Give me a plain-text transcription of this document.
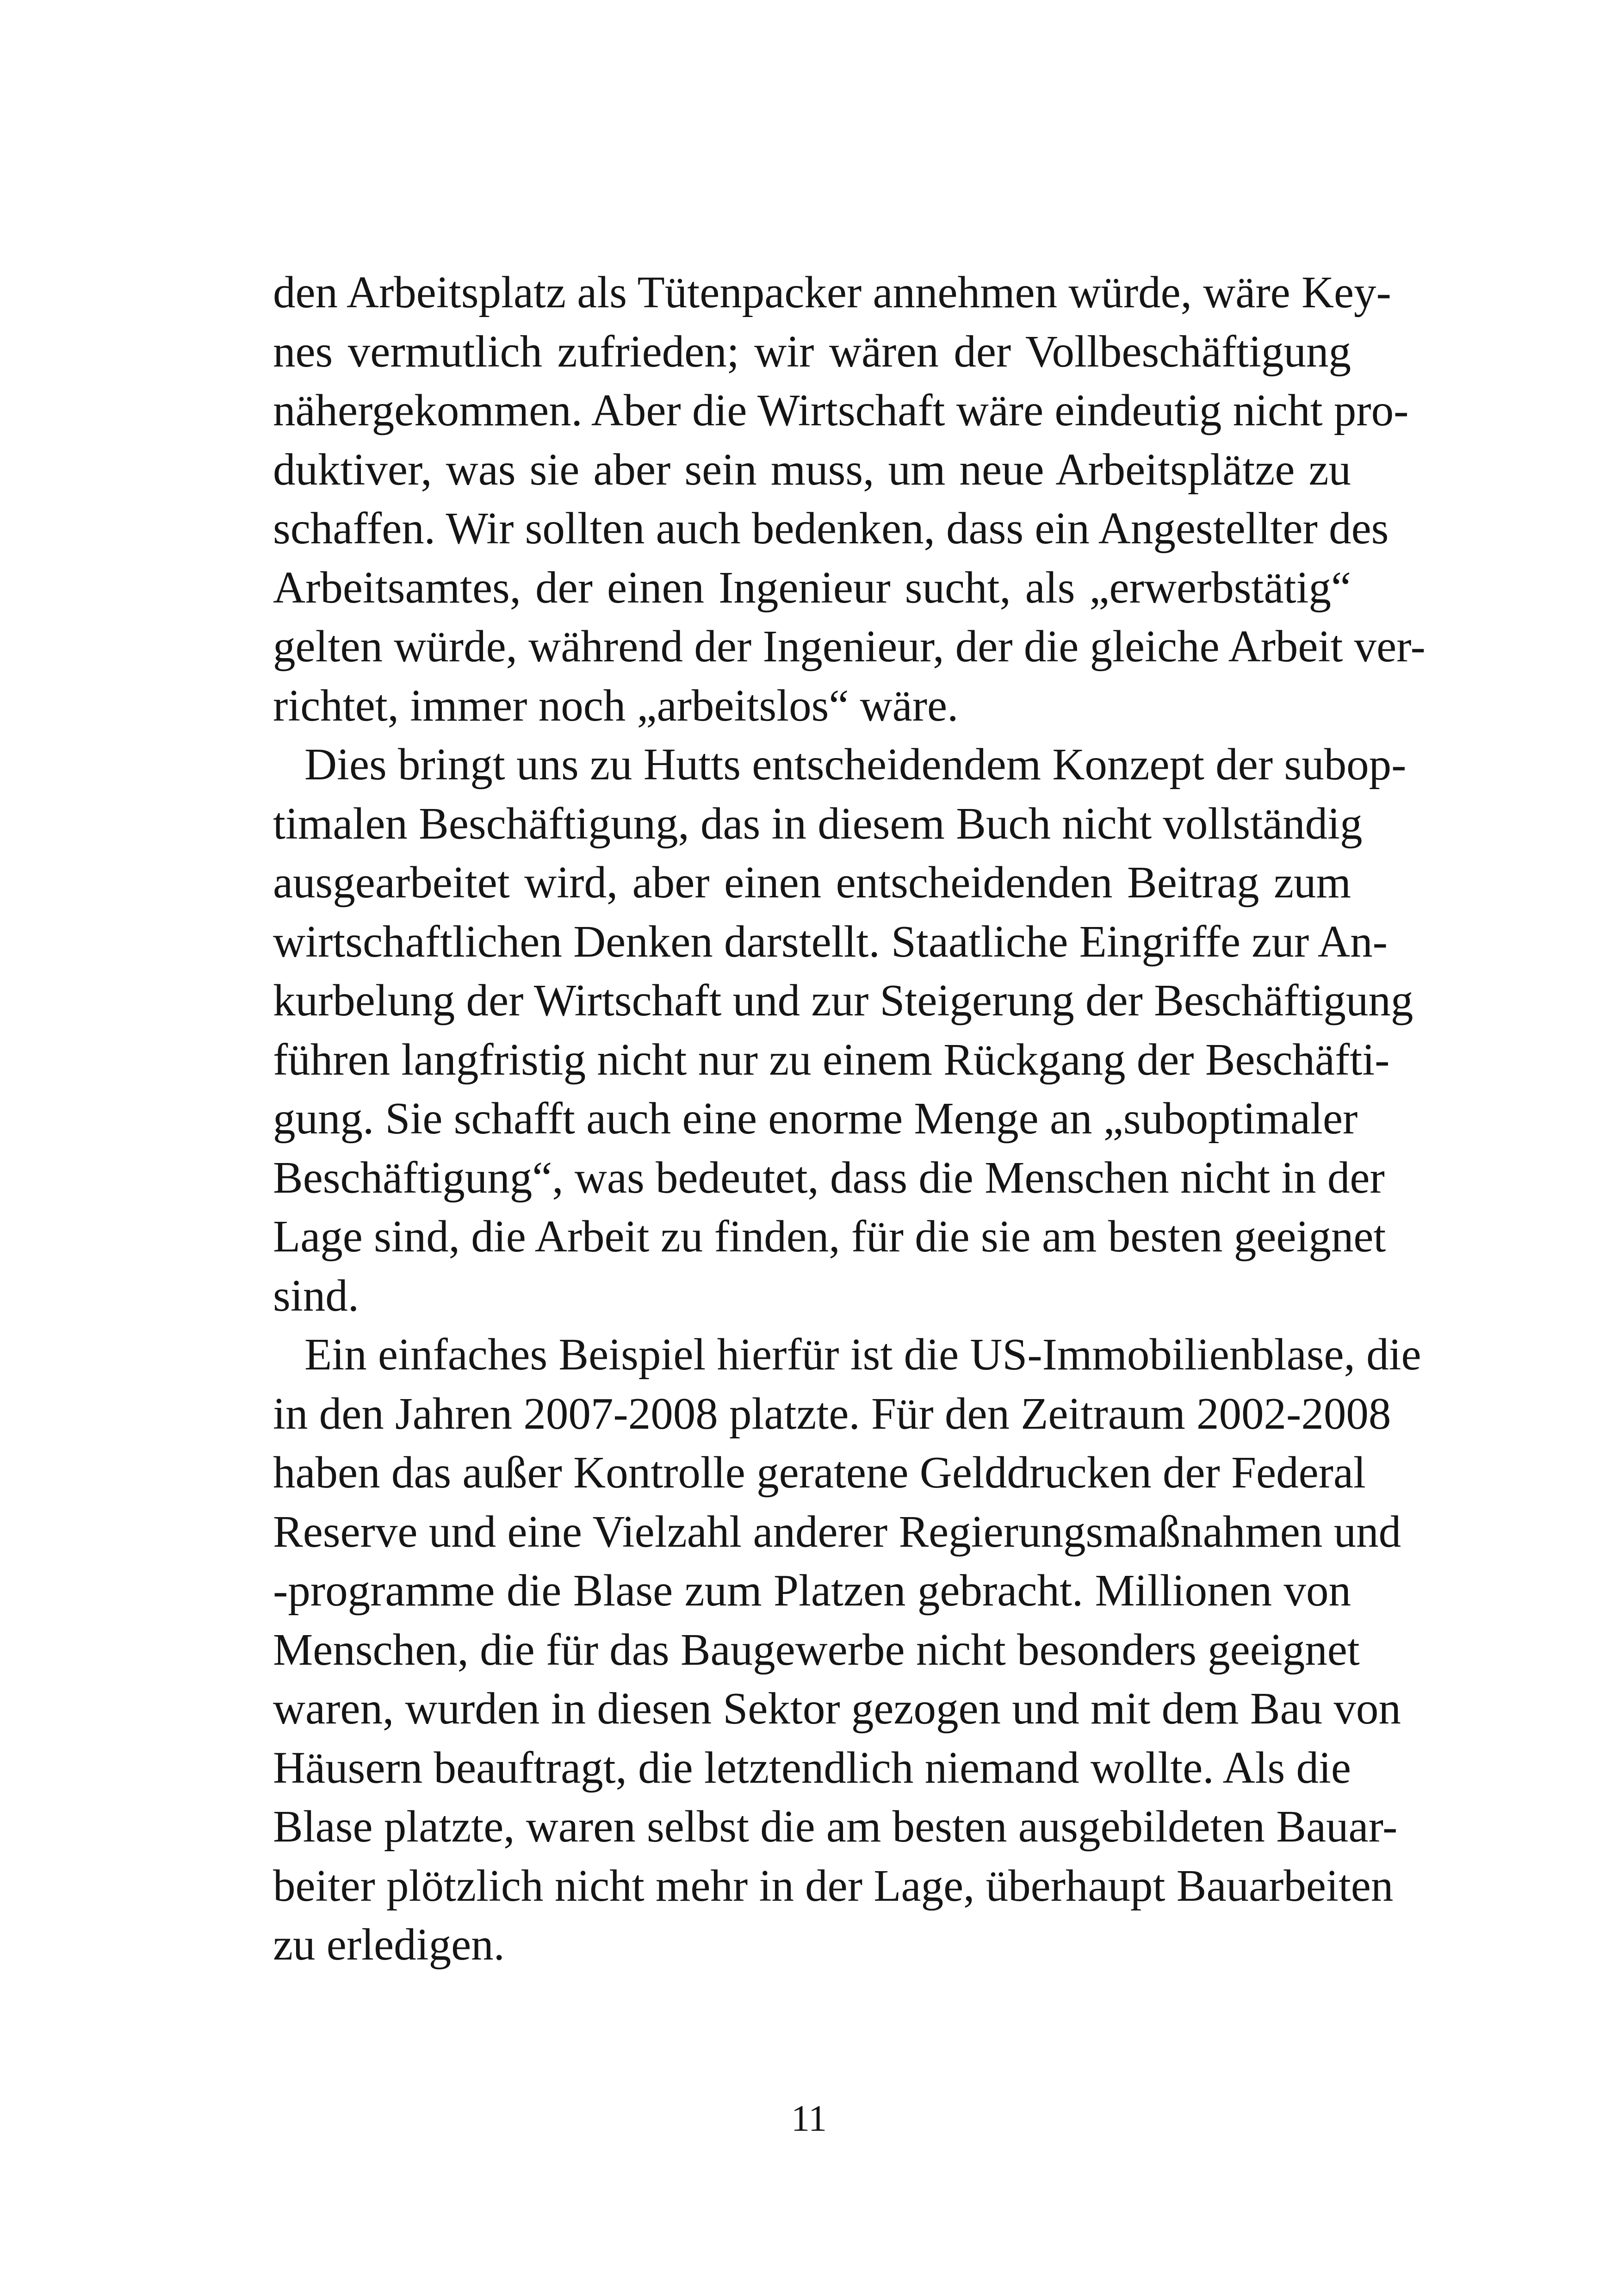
den Arbeitsplatz als Tütenpacker annehmen würde, wäre Key-
nes vermutlich zufrieden; wir wären der Vollbeschäftigung
nähergekommen. Aber die Wirtschaft wäre eindeutig nicht pro-
duktiver, was sie aber sein muss, um neue Arbeitsplätze zu
schaffen. Wir sollten auch bedenken, dass ein Angestellter des
Arbeitsamtes, der einen Ingenieur sucht, als „erwerbstätig“
gelten würde, während der Ingenieur, der die gleiche Arbeit ver-
richtet, immer noch „arbeitslos“ wäre.
Dies bringt uns zu Hutts entscheidendem Konzept der subop-
timalen Beschäftigung, das in diesem Buch nicht vollständig
ausgearbeitet wird, aber einen entscheidenden Beitrag zum
wirtschaftlichen Denken darstellt. Staatliche Eingriffe zur An-
kurbelung der Wirtschaft und zur Steigerung der Beschäftigung
führen langfristig nicht nur zu einem Rückgang der Beschäfti-
gung. Sie schafft auch eine enorme Menge an „suboptimaler
Beschäftigung“, was bedeutet, dass die Menschen nicht in der
Lage sind, die Arbeit zu finden, für die sie am besten geeignet
sind.
Ein einfaches Beispiel hierfür ist die US-Immobilienblase, die
in den Jahren 2007-2008 platzte. Für den Zeitraum 2002-2008
haben das außer Kontrolle geratene Gelddrucken der Federal
Reserve und eine Vielzahl anderer Regierungsmaßnahmen und
-programme die Blase zum Platzen gebracht. Millionen von
Menschen, die für das Baugewerbe nicht besonders geeignet
waren, wurden in diesen Sektor gezogen und mit dem Bau von
Häusern beauftragt, die letztendlich niemand wollte. Als die
Blase platzte, waren selbst die am besten ausgebildeten Bauar-
beiter plötzlich nicht mehr in der Lage, überhaupt Bauarbeiten
zu erledigen.
11
